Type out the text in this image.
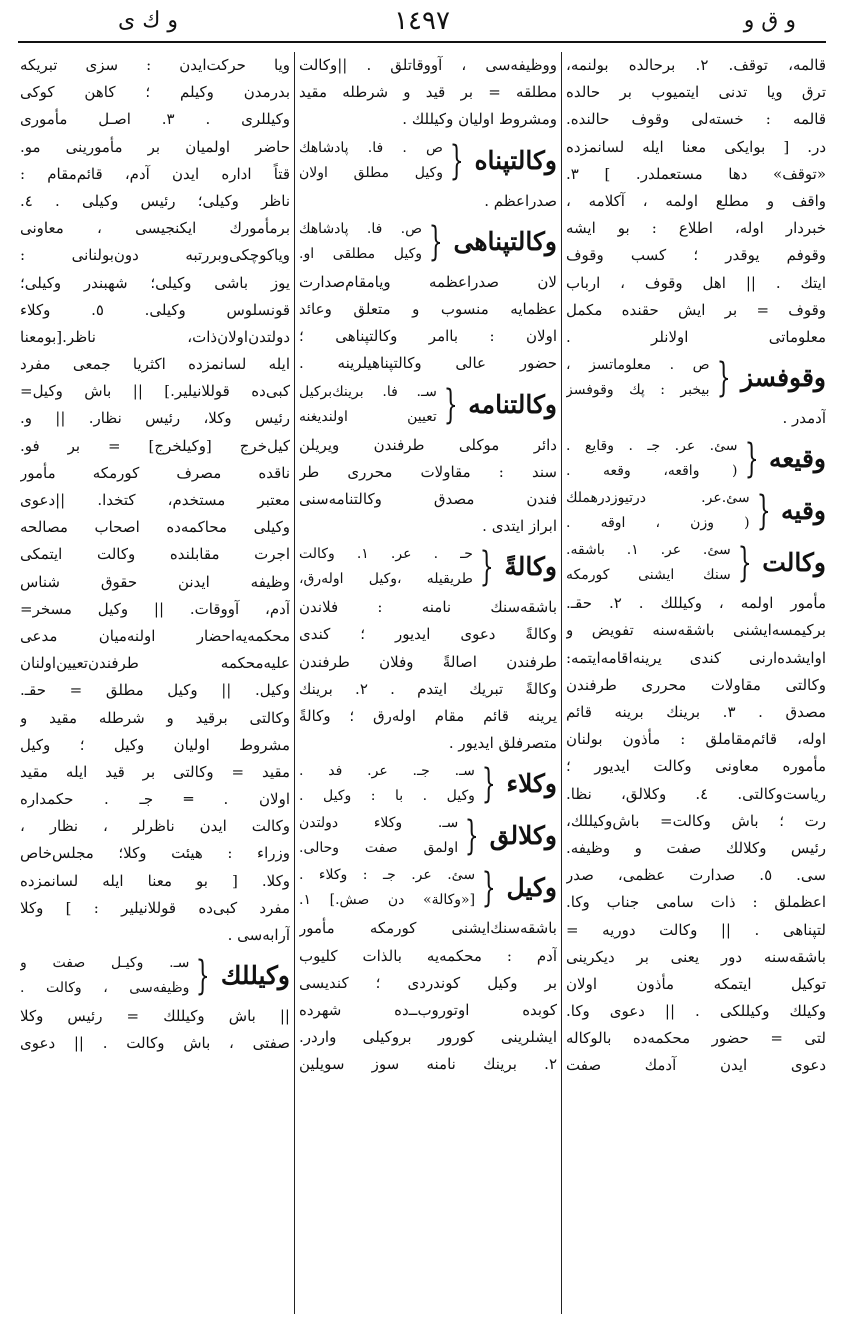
و ق و
١٤٩٧
و ك ى
قالمه، توقف. ٢. برحالده بولنمه،
ترق ويا تدنى ايتميوب بر حالده
قالمه : خسته‌لى وقوف حالنده.
در. [ بوايكى معنا ايله لسانمزده
«توقف» دها مستعملدر. ] ٣.
واقف و مطلع اولمه ، آكلامه ،
خبردار اوله، اطلاع : بو ايشه
وقوفم يوقدر ؛ كسب وقوف
ايتك . || اهل وقوف ، ارباب
وقوف = بر ايش حقنده مكمل
معلوماتى اولانلر .
وقوفسز
{
ص . معلوماتسز ،
بيخبر : پك وقوفسز
آدمدر .
وقيعه
{
سئ. عر. جـ . وقايع .
( واقعه، وقعه .
وقيه
{
سئ.عر. درتيوزدرهملك
( وزن ، اوقه .
وكالت
{
سئ. عر. ١. باشقه.
سنك ايشنى كورمكه
مأمور اولمه ، وكيللك . ٢. حقـ.
بركيمسه‌ايشنى باشقه‌سنه تفويض و
اوايشده‌ارنى كندى يرينه‌اقامه‌ايتمه:
وكالتى مقاولات محررى طرفندن
مصدق . ٣. برينك برينه قائم
اوله، قائم‌مقاملق : مأذون بولنان
مأموره معاونى وكالت ايديور ؛
رياست‌وكالتى. ٤. وكلالق، نظا.
رت ؛ باش وكالت= باش‌وكيللك،
رئيس وكلالك صفت و وظيفه.
سى. ٥. صدارت عظمى، صدر
اعظملق : ذات سامى جناب وكا.
لتپناهى . || وكالت دوريه =
باشقه‌سنه دور يعنى بر ديكرينى
توكيل ايتمكه مأذون اولان
وكيلك وكيللكى . || دعوى وكا.
لتى = حضور محكمه‌ده بالوكاله
دعوى ايدن آدمك صفت
ووظيفه‌سى ، آووقاتلق . ||وكالت
مطلقه = بر قيد و شرطله مقيد
ومشروط اوليان وكيللك .
وكالتپناه
{
ص . فا. پادشاهك
وكيل مطلق اولان
صدراعظم .
وكالتپناهى
{
ص. فا. پادشاهك
وكيل مطلقى او.
لان صدراعظمه ويامقام‌صدارت
عظمايه منسوب و متعلق وعائد
اولان : باامر وكالتپناهى ؛
حضور عالى وكالتپناهيلرينه .
وكالتنامه
{
سـ. فا. برينك‌بركيل
تعيين اولندیغنه
دائر موكلى طرفندن ويريلن
سند : مقاولات محررى طر
فندن مصدق وكالتنامه‌سنى
ابراز ايتدى .
وكالةً
{
حـ . عر. ١. وكالت
طريقيله ،وكيل اوله‌رق،
باشقه‌سنك نامنه : فلاندن
وكالةً دعوى ايديور ؛ كندى
طرفندن اصالةً وفلان طرفندن
وكالةً تبريك ايتدم . ٢. برينك
يرينه قائم مقام اوله‌رق ؛ وكالةً
متصرفلق ايديور .
وكلاء
{
سـ. جـ. عر. فد .
وكيل . با : وكيل .
وكلالق
{
سـ. وكلاء دولتدن
اولمق صفت وحالى.
وكيل
{
سئ. عر. جـ : وكلاء .
[«وكالة» دن صش.] ١.
باشقه‌سنك‌ايشنى كورمكه مأمور
آدم : محكمه‌يه بالذات كليوب
بر وكيل كوندردى ؛ كنديسى
كوبده اوتوروب‌ــ‌ده شهرده
ايشلرينى كورور بروكيلى واردر.
٢. برينك نامنه سوز سويلين
ويا حركت‌ايدن : سزى تبريكه
بدرمدن وكيلم ؛ كاهن كوكى
وكيللرى . ٣. اصـل مأمورى
حاضر اولميان بر مأمورينى مو.
قتاً اداره ايدن آدم، قائم‌مقام :
ناظر وكيلى؛ رئيس وكيلى . ٤.
برمأمورك ايكنجيسى ، معاونى
وياكوچكى‌وبررتبه دون‌بولنانى :
يوز باشى وكيلى؛ شهبندر وكيلى؛
قونسلوس وكيلى. ٥. وكلاء
دولتدن‌اولان‌ذات، ناظر.[بومعنا
ايله لسانمزده اكثريا جمعى مفرد
كبى‌ده قوللانيلير.] || باش وكيل=
رئيس وكلا، رئيس نظار. || و.
كيل‌خرج [وكيلخرج] = بر فو.
ناقده مصرف كورمكه مأمور
معتبر مستخدم، كتخدا. ||دعوى
وكيلى محاكمه‌ده اصحاب مصالحه
اجرت مقابلنده وكالت ايتمكى
وظيفه ايدنن حقوق شناس
آدم، آووقات. || وكيل مسخر=
محكمه‌يه‌احضار اولنه‌ميان مدعى
عليه‌محكمه طرفندن‌تعيين‌اولنان
وكيل. || وكيل مطلق = حقـ.
وكالتى برقيد و شرطله مقيد و
مشروط اوليان وكيل ؛ وكيل
مقيد = وكالتى بر قيد ايله مقيد
اولان . ═ جـ . حكمداره
وكالت ايدن ناظرلر ، نظار ،
وزراء : هيئت وكلا؛ مجلس‌خاص
وكلا. [ بو معنا ايله لسانمزده
مفرد كبى‌ده قوللانيلير : ] وكلا
آرابه‌سى .
وكيللك
{
سـ. وكيـل صفت و
وظيفه‌سى ، وكالت .
|| باش وكيللك = رئيس وكلا
صفتى ، باش وكالت . || دعوى
